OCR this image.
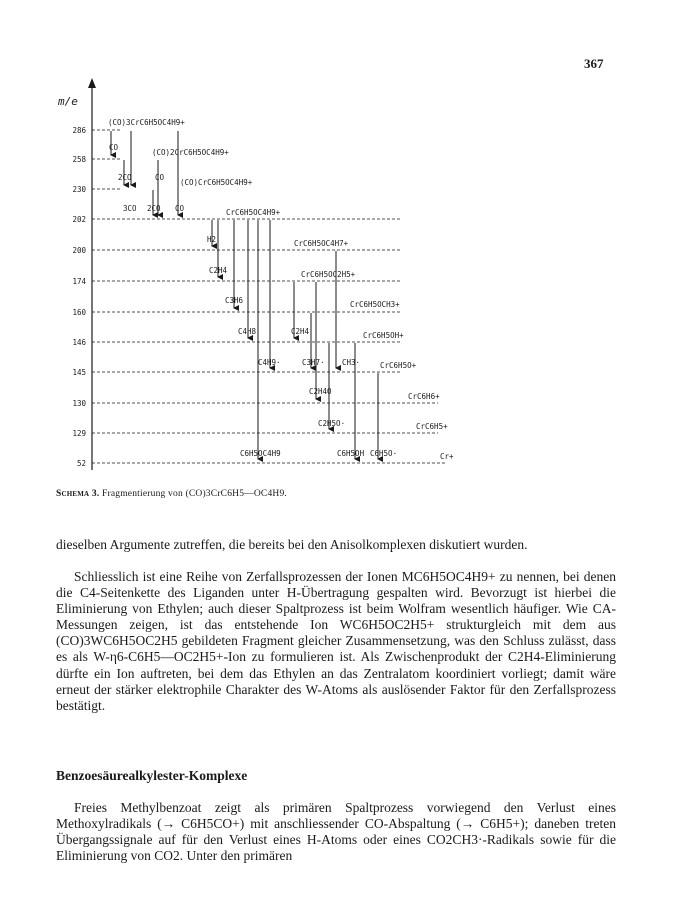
367
m/e
286
258
230
202
200
174
160
146
145
130
129
52
(CO)3CrC6H5OC4H9+
(CO)2CrC6H5OC4H9+
(CO)CrC6H5OC4H9+
CrC6H5OC4H9+
CrC6H5OC4H7+
CrC6H5OC2H5+
CrC6H5OCH3+
CrC6H5OH+
CrC6H5O+
CrC6H6+
CrC6H5+
Cr+
CO
2CO	CO
3CO 2CO CO
H2
C2H4
C3H6
C4H8	C2H4
C4H9·	C3H7· CH3·
C2H4O
C2H5O·
C6H5OC4H9	C6H5OH C6H5O·
Schema 3. Fragmentierung von (CO)3CrC6H5—OC4H9.
dieselben Argumente zutreffen, die bereits bei den Anisolkomplexen diskutiert wurden.
Schliesslich ist eine Reihe von Zerfallsprozessen der Ionen MC6H5OC4H9+ zu nennen, bei denen die C4-Seitenkette des Liganden unter H-Übertragung gespalten wird. Bevorzugt ist hierbei die Eliminierung von Ethylen; auch dieser Spaltprozess ist beim Wolfram wesentlich häufiger. Wie CA-Messungen zeigen, ist das entstehende Ion WC6H5OC2H5+ strukturgleich mit dem aus (CO)3WC6H5OC2H5 gebildeten Fragment gleicher Zusammensetzung, was den Schluss zulässt, dass es als W-η6-C6H5—OC2H5+-Ion zu formulieren ist. Als Zwischenprodukt der C2H4-Eliminierung dürfte ein Ion auftreten, bei dem das Ethylen an das Zentralatom koordiniert vorliegt; damit wäre erneut der stärker elektrophile Charakter des W-Atoms als auslösender Faktor für den Zerfallsprozess bestätigt.
Benzoesäurealkylester-Komplexe
Freies Methylbenzoat zeigt als primären Spaltprozess vorwiegend den Verlust eines Methoxylradikals (→ C6H5CO+) mit anschliessender CO-Abspaltung (→ C6H5+); daneben treten Übergangssignale auf für den Verlust eines H-Atoms oder eines CO2CH3·-Radikals sowie für die Eliminierung von CO2. Unter den primären
